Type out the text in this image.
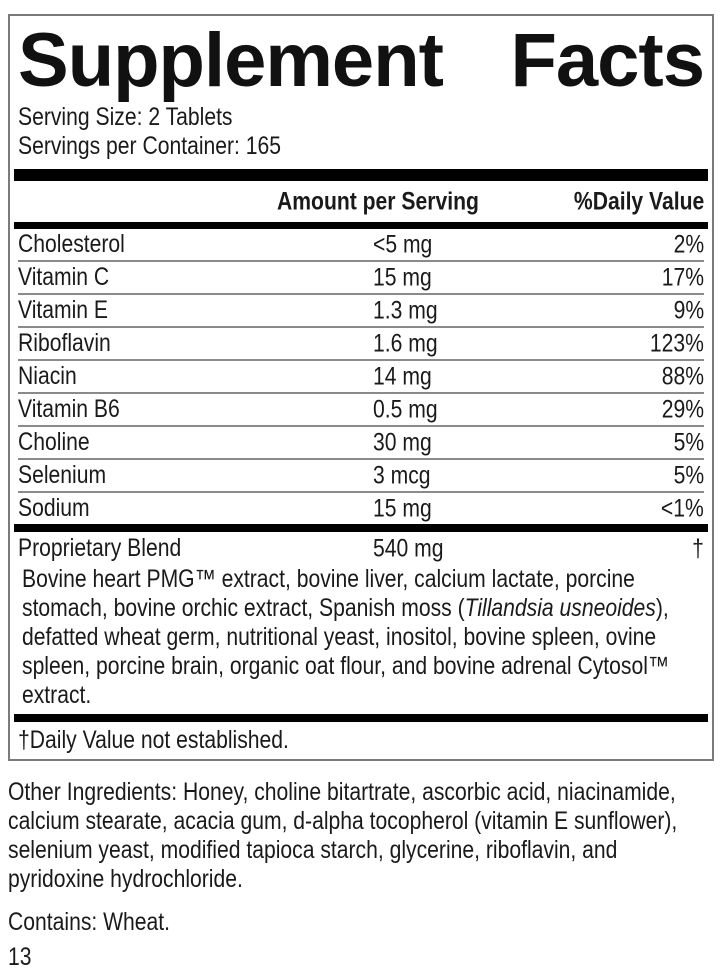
Supplement Facts
Serving Size: 2 Tablets
Servings per Container: 165
Amount per Serving	%Daily Value
Cholesterol	<5 mg	2%
Vitamin C	15 mg	17%
Vitamin E	1.3 mg	9%
Riboflavin	1.6 mg	123%
Niacin	14 mg	88%
Vitamin B6	0.5 mg	29%
Choline	30 mg	5%
Selenium	3 mcg	5%
Sodium	15 mg	<1%
Proprietary Blend	540 mg	†
Bovine heart PMG™ extract, bovine liver, calcium lactate, porcine stomach, bovine orchic extract, Spanish moss (Tillandsia usneoides), defatted wheat germ, nutritional yeast, inositol, bovine spleen, ovine spleen, porcine brain, organic oat flour, and bovine adrenal Cytosol™ extract.
†Daily Value not established.
Other Ingredients: Honey, choline bitartrate, ascorbic acid, niacinamide, calcium stearate, acacia gum, d-alpha tocopherol (vitamin E sunflower), selenium yeast, modified tapioca starch, glycerine, riboflavin, and pyridoxine hydrochloride.
Contains: Wheat.
13
